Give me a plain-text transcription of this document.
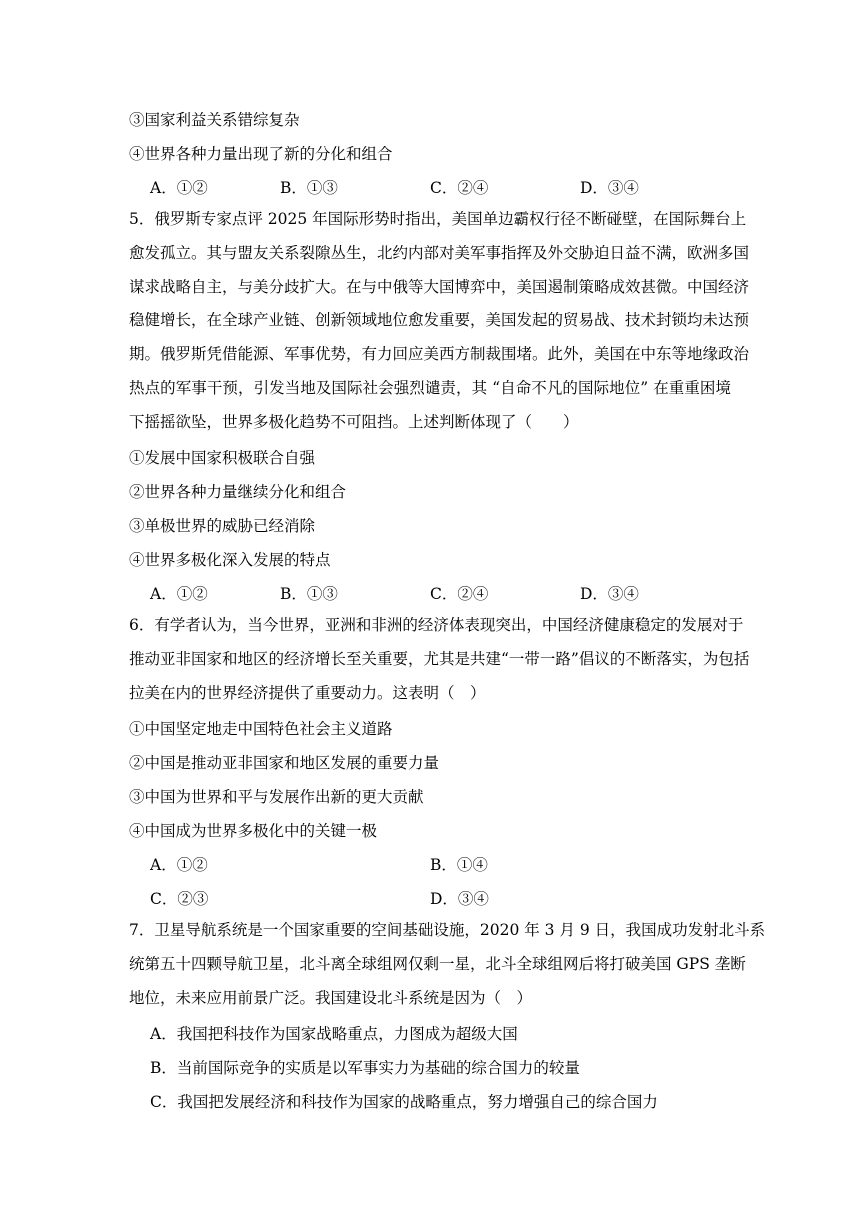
③国家利益关系错综复杂
④世界各种力量出现了新的分化和组合
A．①②	B．①③	C．②④	D．③④
5．俄罗斯专家点评 2025 年国际形势时指出，美国单边霸权行径不断碰壁，在国际舞台上
愈发孤立。其与盟友关系裂隙丛生，北约内部对美军事指挥及外交胁迫日益不满，欧洲多国
谋求战略自主，与美分歧扩大。在与中俄等大国博弈中，美国遏制策略成效甚微。中国经济
稳健增长，在全球产业链、创新领域地位愈发重要，美国发起的贸易战、技术封锁均未达预
期。俄罗斯凭借能源、军事优势，有力回应美西方制裁围堵。此外，美国在中东等地缘政治
热点的军事干预，引发当地及国际社会强烈谴责，其 “自命不凡的国际地位” 在重重困境
下摇摇欲坠，世界多极化趋势不可阻挡。上述判断体现了（　　）
①发展中国家积极联合自强
②世界各种力量继续分化和组合
③单极世界的威胁已经消除
④世界多极化深入发展的特点
A．①②	B．①③	C．②④	D．③④
6．有学者认为，当今世界，亚洲和非洲的经济体表现突出，中国经济健康稳定的发展对于
推动亚非国家和地区的经济增长至关重要，尤其是共建“一带一路”倡议的不断落实，为包括
拉美在内的世界经济提供了重要动力。这表明（　）
①中国坚定地走中国特色社会主义道路
②中国是推动亚非国家和地区发展的重要力量
③中国为世界和平与发展作出新的更大贡献
④中国成为世界多极化中的关键一极
A．①②	B．①④
C．②③	D．③④
7．卫星导航系统是一个国家重要的空间基础设施，2020 年 3 月 9 日，我国成功发射北斗系
统第五十四颗导航卫星，北斗离全球组网仅剩一星，北斗全球组网后将打破美国 GPS 垄断
地位，未来应用前景广泛。我国建设北斗系统是因为（　）
A．我国把科技作为国家战略重点，力图成为超级大国
B．当前国际竞争的实质是以军事实力为基础的综合国力的较量
C．我国把发展经济和科技作为国家的战略重点，努力增强自己的综合国力
